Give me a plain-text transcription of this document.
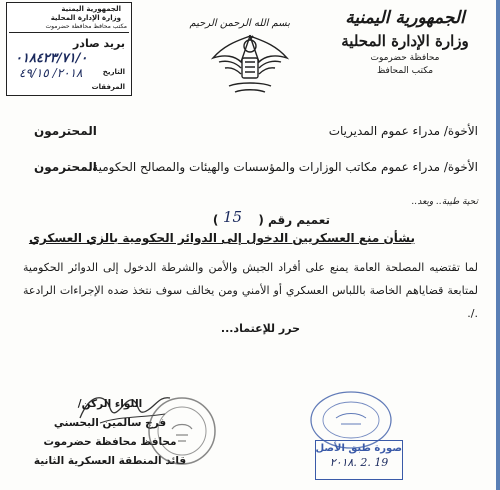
الجمهورية اليمنية
وزارة الإدارة المحلية
محافظة حضرموت
مكتب المحافظ
بسم الله الرحمن الرحيم
الجمهورية اليمنية
وزارة الإدارة المحلية
مكتب محافظ محافظة حضرموت
بريد صادر
٠١٨٤٢٣/٧١/٠
التاريخ
٢٠١٨/ ٤٩/١٥
المرفقات
الأخوة/ مدراء عموم المديريات
المحترمون
الأخوة/ مدراء عموم مكاتب الوزارات والمؤسسات والهيئات والمصالح الحكومية
المحترمون
تحية طيبة.. وبعد..
تعميم رقم () 15
بشأن منع العسكريين الدخول إلى الدوائر الحكومية بالزي العسكري
لما تقتضيه المصلحة العامة يمنع على أفراد الجيش والأمن والشرطة الدخول إلى الدوائر الحكومية لمتابعة قضاياهم الخاصة باللباس العسكري أو الأمني ومن يخالف سوف نتخذ ضده الإجراءات الرادعة ./.
حرر للإعتماد...
اللواء الركن/
فرج سالمين البحسني
محافظ محافظة حضرموت
قائد المنطقة العسكرية الثانية
صورة طبق الأصل
٢٠١٨. 2. 19
